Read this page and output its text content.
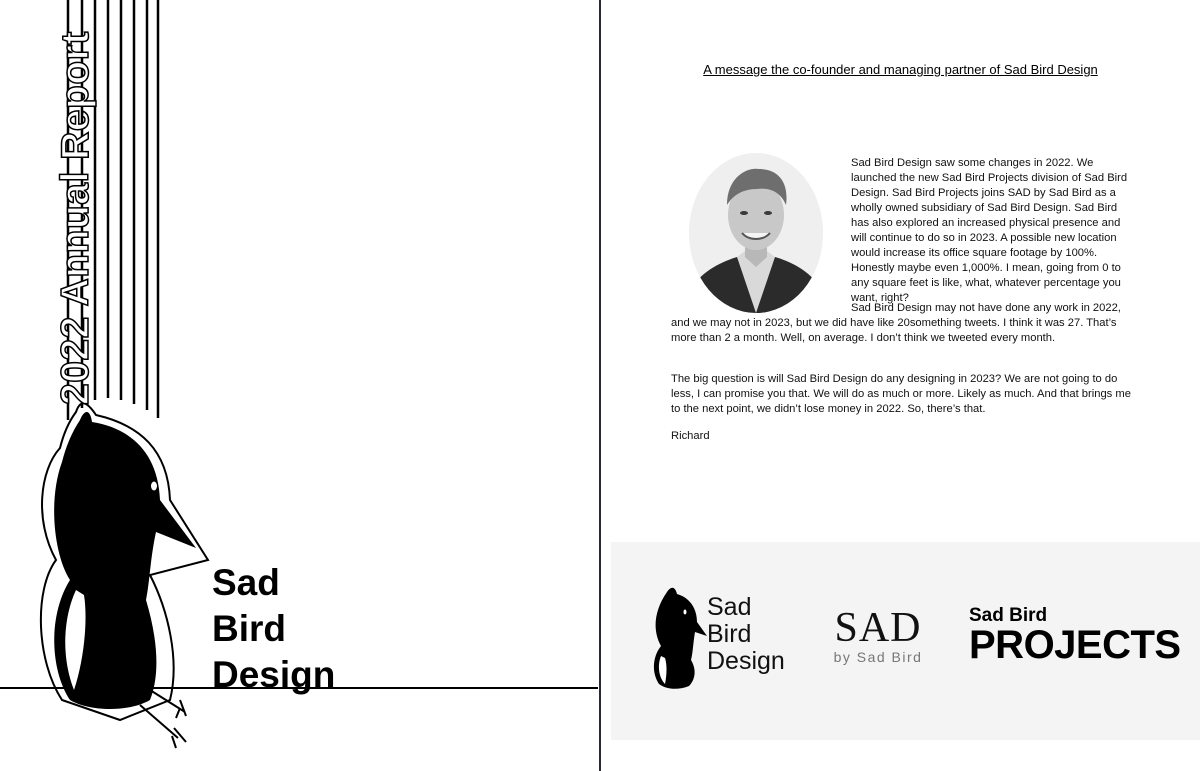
2022 Annual Report
Sad
Bird
Design
A message the co-founder and managing partner of Sad Bird Design

Sad Bird Design saw some changes in 2022. We launched the new Sad Bird Projects division of Sad Bird Design. Sad Bird Projects joins SAD by Sad Bird as a wholly owned subsidiary of Sad Bird Design. Sad Bird has also explored an increased physical presence and will continue to do so in 2023. A possible new location would increase its office square footage by 100%. Honestly maybe even 1,000%. I mean, going from 0 to any square feet is like, what, whatever percentage you want, right?

Sad Bird Design may not have done any work in 2022, and we may not in 2023, but we did have like 20something tweets. I think it was 27. That’s more than 2 a month. Well, on average. I don’t think we tweeted every month.

The big question is will Sad Bird Design do any designing in 2023? We are not going to do less, I can promise you that. We will do as much or more. Likely as much. And that brings me to the next point, we didn’t lose money in 2022. So, there’s that.

Richard

Sad
Bird
Design
SAD
by Sad Bird
Sad Bird
PROJECTS
